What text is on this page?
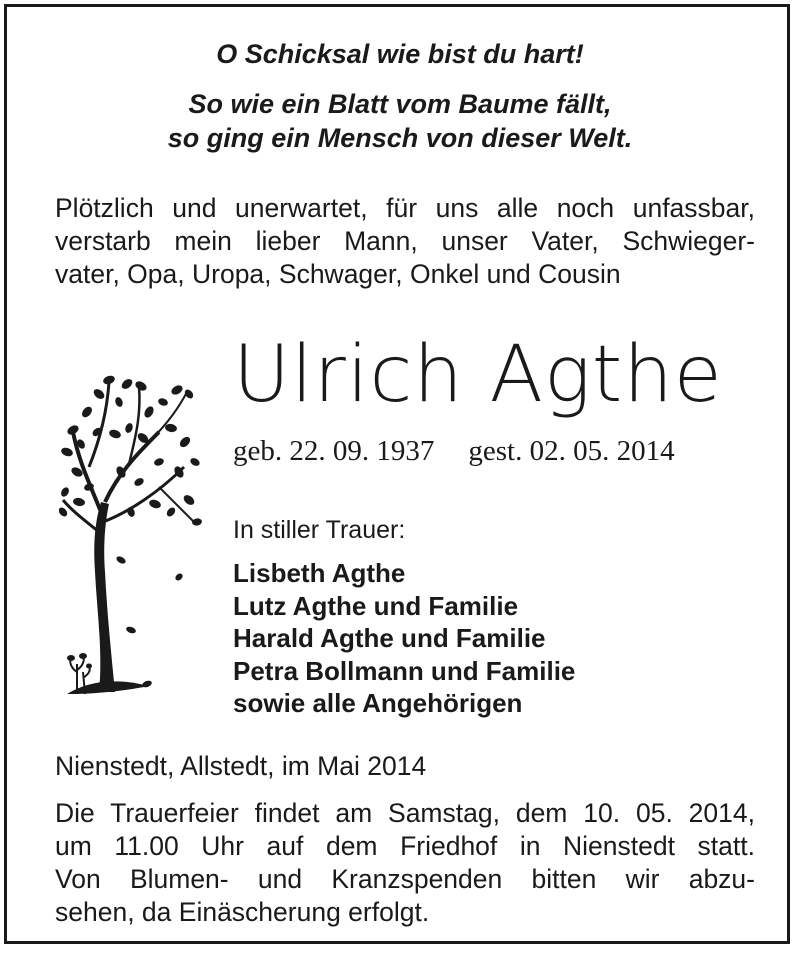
O Schicksal wie bist du hart!
So wie ein Blatt vom Baume fällt,
so ging ein Mensch von dieser Welt.
Plötzlich und unerwartet, für uns alle noch unfassbar,
verstarb mein lieber Mann, unser Vater, Schwieger-
vater, Opa, Uropa, Schwager, Onkel und Cousin
Ulrich Agthe
geb. 22. 09. 1937 gest. 02. 05. 2014
In stiller Trauer:
Lisbeth Agthe
Lutz Agthe und Familie
Harald Agthe und Familie
Petra Bollmann und Familie
sowie alle Angehörigen
Nienstedt, Allstedt, im Mai 2014
Die Trauerfeier findet am Samstag, dem 10. 05. 2014,
um 11.00 Uhr auf dem Friedhof in Nienstedt statt.
Von Blumen- und Kranzspenden bitten wir abzu-
sehen, da Einäscherung erfolgt.
